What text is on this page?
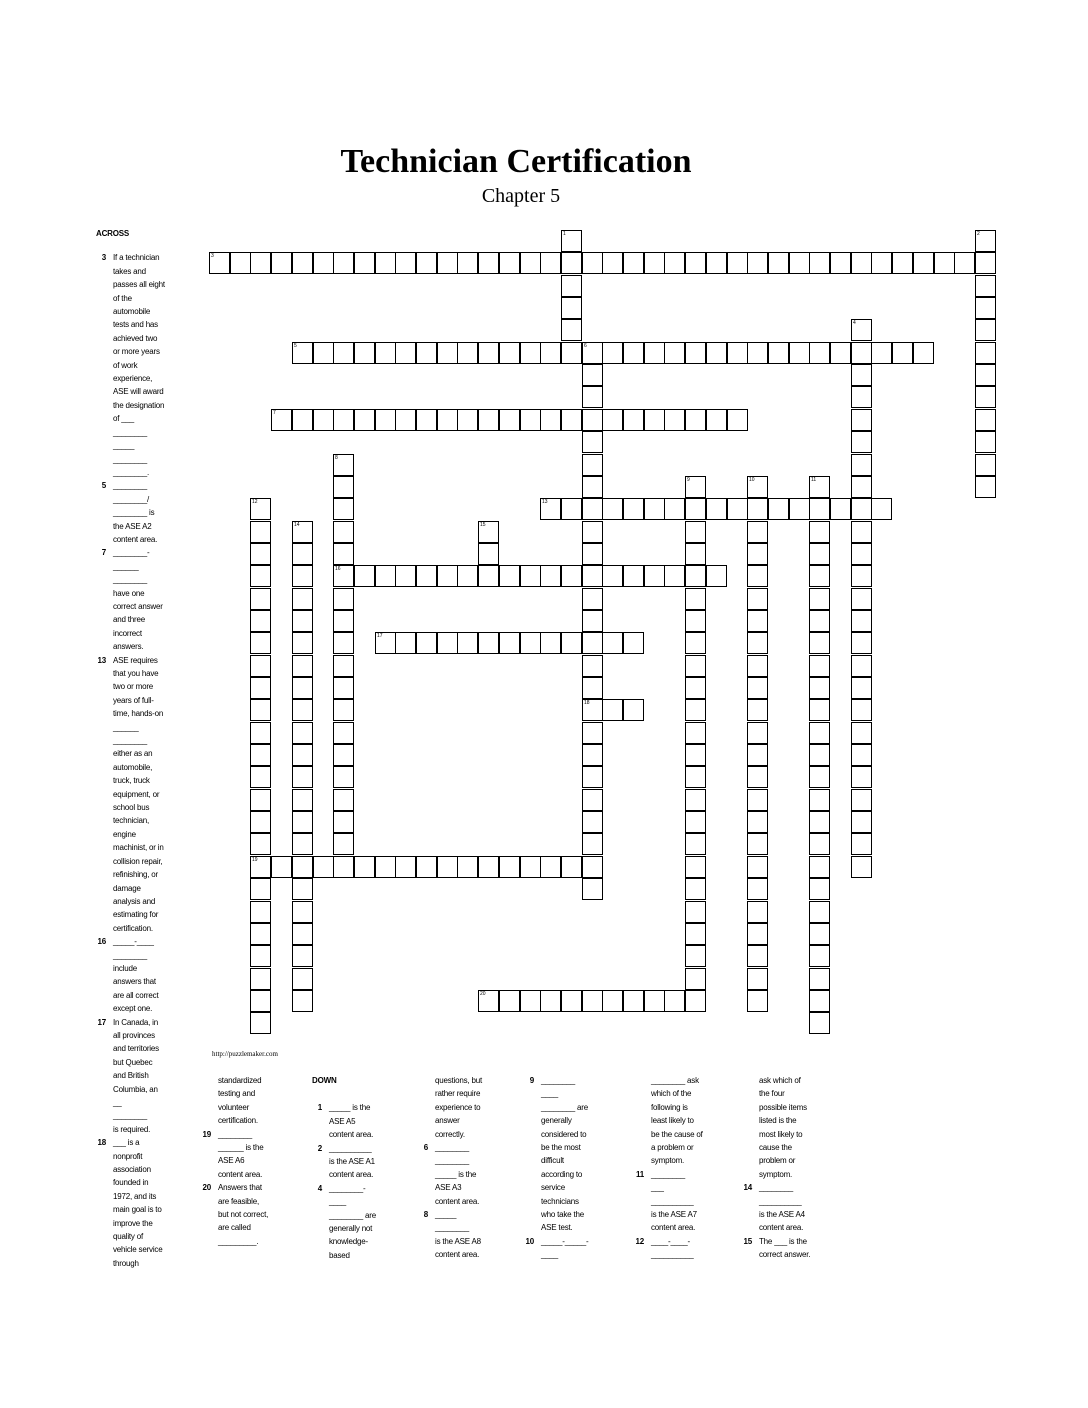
Technician Certification
Chapter 5
1	2
3
4
5	6
18
7
8
16
9	10	11
12
19
13
14	15
17
20
ACROSS
3 If a technician
takes and
passes all eight
of the
automobile
tests and has
achieved two
or more years
of work
experience,
ASE will award
the designation
of ___
________
_____
________
________.
5 ________
________/
________ is
the ASE A2
content area.
7 ________-
______
________
have one
correct answer
and three
incorrect
answers.
13 ASE requires
that you have
two or more
years of full-
time, hands-on
______
________
either as an
automobile,
truck, truck
equipment, or
school bus
technician,
engine
machinist, or in
collision repair,
refinishing, or
damage
analysis and
estimating for
certification.
16 _____-____
________
include
answers that
are all correct
except one.
17 In Canada, in
all provinces
and territories
but Quebec
and British
Columbia, an
__
________
is required.
18 ___ is a
nonprofit
association
founded in
1972, and its
main goal is to
improve the
quality of
vehicle service
through
http://puzzlemaker.com
standardized
testing and
volunteer
certification.
19 ________
______ is the
ASE A6
content area.
20 Answers that
are feasible,
but not correct,
are called
_________.
DOWN
1 _____ is the
ASE A5
content area.
2 __________
is the ASE A1
content area.
4 ________-
____
________ are
generally not
knowledge-
based
questions, but
rather require
experience to
answer
correctly.
6 ________
________
_____ is the
ASE A3
content area.
8 _____
________
is the ASE A8
content area.
9 ________
____
________ are
generally
considered to
be the most
difficult
according to
service
technicians
who take the
ASE test.
10 _____-_____-
____
________ ask
which of the
following is
least likely to
be the cause of
a problem or
symptom.
11 ________
___
__________
is the ASE A7
content area.
12 ____-____-
__________
ask which of
the four
possible items
listed is the
most likely to
cause the
problem or
symptom.
14 ________
__________
is the ASE A4
content area.
15 The ___ is the
correct answer.
